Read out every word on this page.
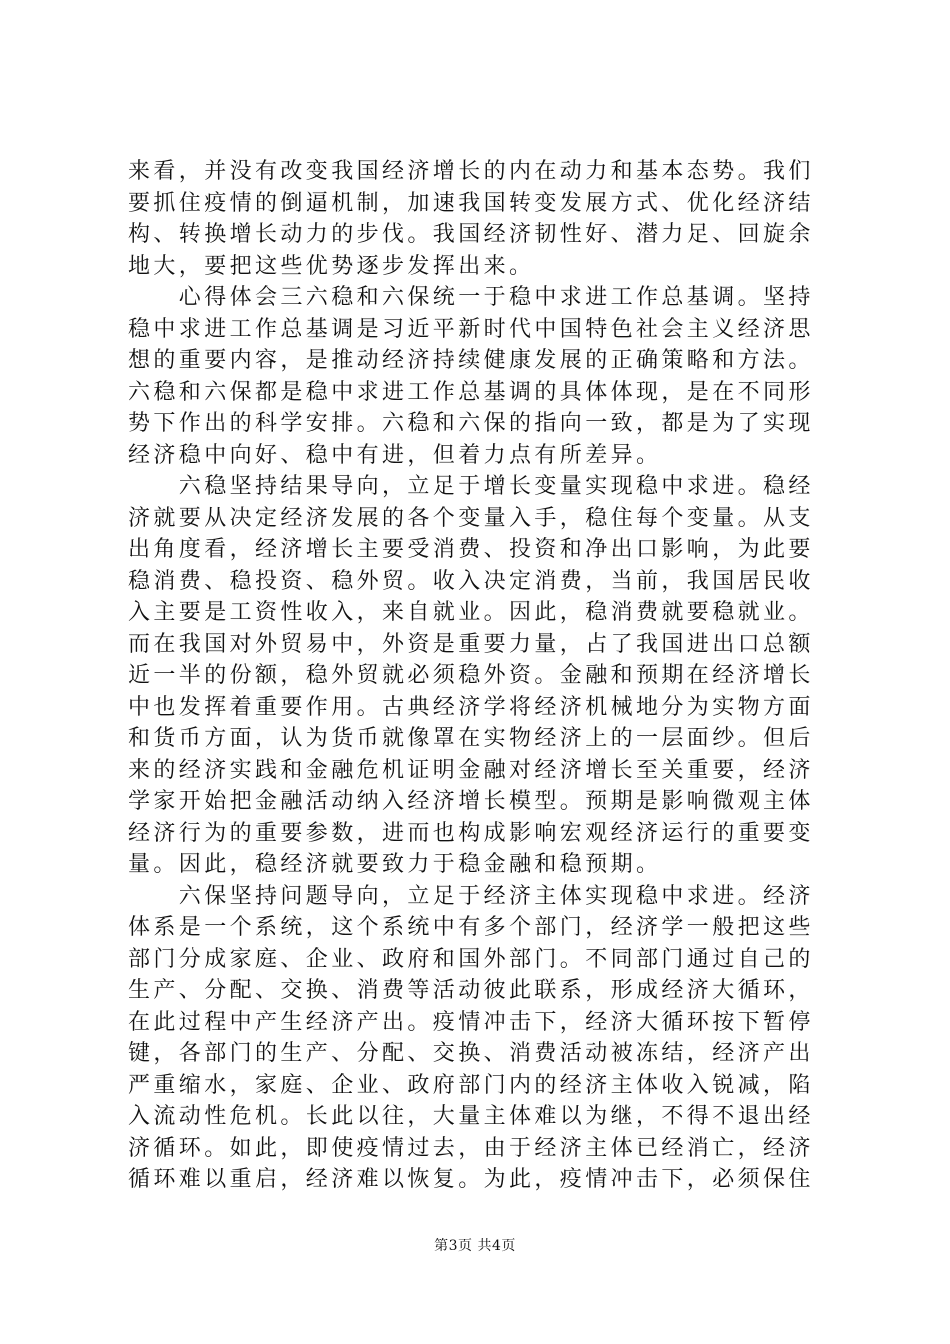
来看，并没有改变我国经济增长的内在动力和基本态势。我们
要抓住疫情的倒逼机制，加速我国转变发展方式、优化经济结
构、转换增长动力的步伐。我国经济韧性好、潜力足、回旋余
地大，要把这些优势逐步发挥出来。

　　心得体会三六稳和六保统一于稳中求进工作总基调。坚持
稳中求进工作总基调是习近平新时代中国特色社会主义经济思
想的重要内容，是推动经济持续健康发展的正确策略和方法。
六稳和六保都是稳中求进工作总基调的具体体现，是在不同形
势下作出的科学安排。六稳和六保的指向一致，都是为了实现
经济稳中向好、稳中有进，但着力点有所差异。

　　六稳坚持结果导向，立足于增长变量实现稳中求进。稳经
济就要从决定经济发展的各个变量入手，稳住每个变量。从支
出角度看，经济增长主要受消费、投资和净出口影响，为此要
稳消费、稳投资、稳外贸。收入决定消费，当前，我国居民收
入主要是工资性收入，来自就业。因此，稳消费就要稳就业。
而在我国对外贸易中，外资是重要力量，占了我国进出口总额
近一半的份额，稳外贸就必须稳外资。金融和预期在经济增长
中也发挥着重要作用。古典经济学将经济机械地分为实物方面
和货币方面，认为货币就像罩在实物经济上的一层面纱。但后
来的经济实践和金融危机证明金融对经济增长至关重要，经济
学家开始把金融活动纳入经济增长模型。预期是影响微观主体
经济行为的重要参数，进而也构成影响宏观经济运行的重要变
量。因此，稳经济就要致力于稳金融和稳预期。

　　六保坚持问题导向，立足于经济主体实现稳中求进。经济
体系是一个系统，这个系统中有多个部门，经济学一般把这些
部门分成家庭、企业、政府和国外部门。不同部门通过自己的
生产、分配、交换、消费等活动彼此联系，形成经济大循环，
在此过程中产生经济产出。疫情冲击下，经济大循环按下暂停
键，各部门的生产、分配、交换、消费活动被冻结，经济产出
严重缩水，家庭、企业、政府部门内的经济主体收入锐减，陷
入流动性危机。长此以往，大量主体难以为继，不得不退出经
济循环。如此，即使疫情过去，由于经济主体已经消亡，经济
循环难以重启，经济难以恢复。为此，疫情冲击下，必须保住

第3页 共4页
